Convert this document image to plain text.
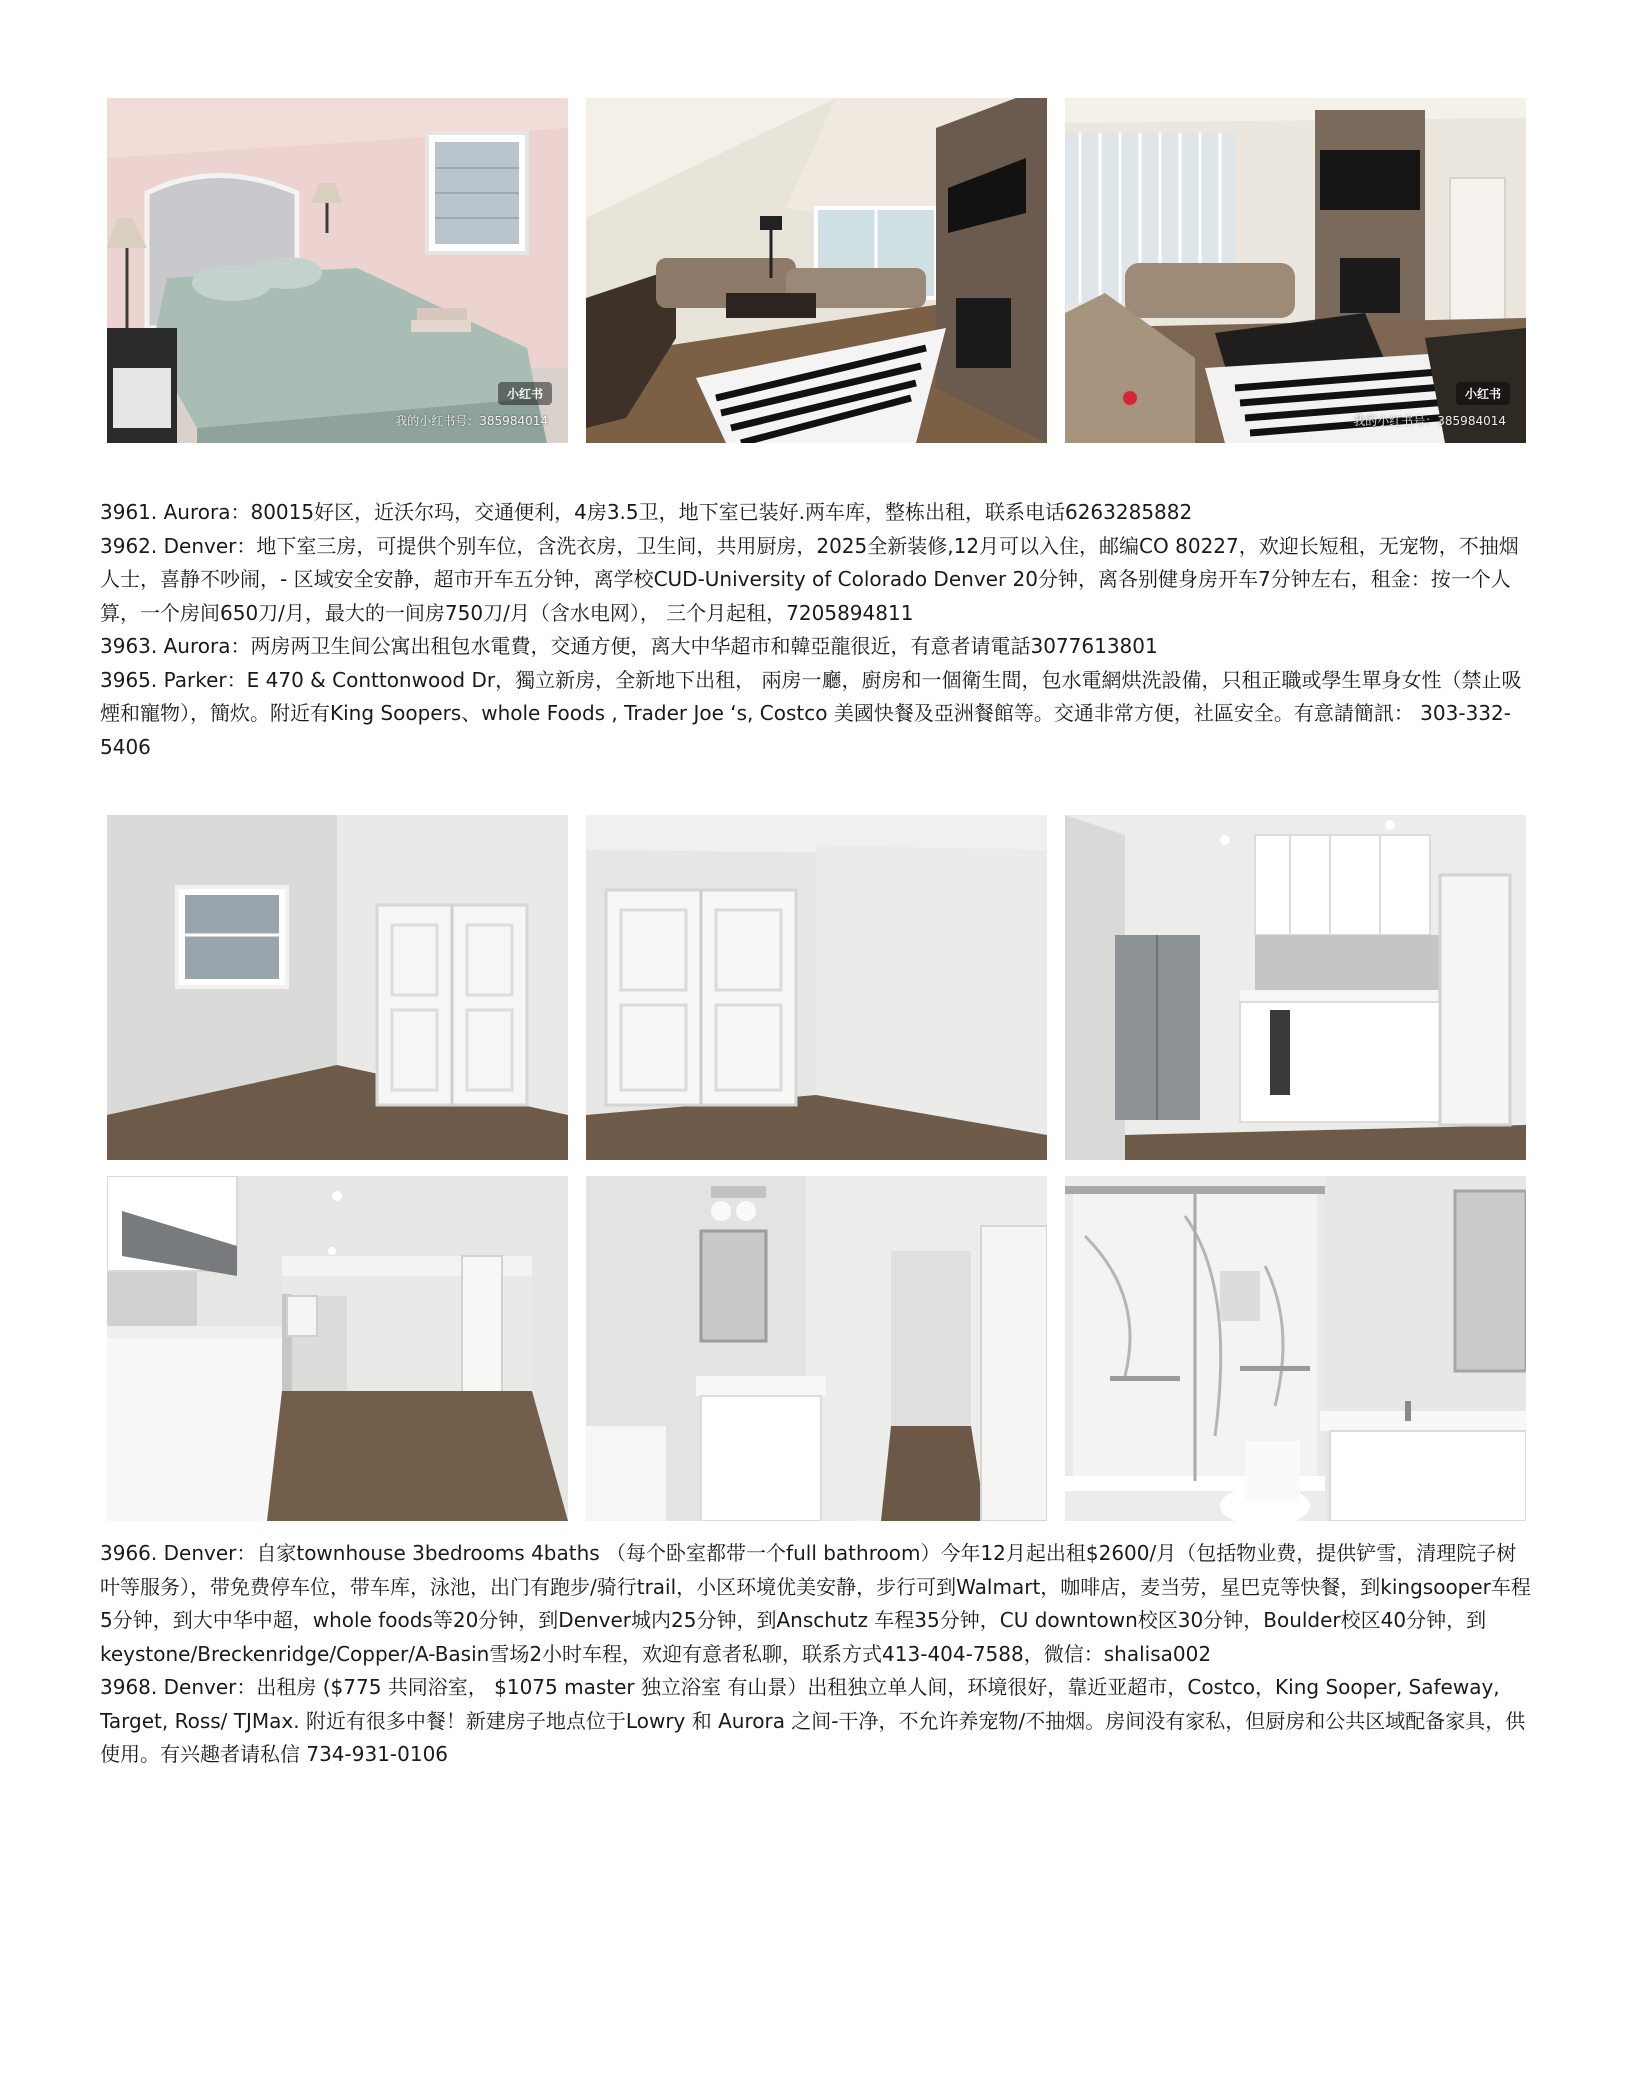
小红书
我的小红书号：385984014
小红书
我的小红书号：385984014

3961. Aurora：80015好区，近沃尔玛，交通便利，4房3.5卫，地下室已装好.两车库，整栋出租，联系电话6263285882

3962. Denver：地下室三房，可提供个别车位，含洗衣房，卫生间，共用厨房，2025全新装修,12月可以入住，邮编CO 80227，欢迎长短租，无宠物，不抽烟人士，喜静不吵闹，- 区域安全安静，超市开车五分钟，离学校CUD-University of Colorado Denver 20分钟，离各别健身房开车7分钟左右，租金：按一个人算，一个房间650刀/月，最大的一间房750刀/月（含水电网）， 三个月起租，7205894811

3963. Aurora：两房两卫生间公寓出租包水電費，交通方便，离大中华超市和韓亞龍很近，有意者请電話3077613801

3965. Parker：E 470 & Conttonwood Dr，獨立新房，全新地下出租， 兩房一廳，廚房和一個衛生間，包水電網烘洗設備，只租正職或學生單身女性（禁止吸煙和寵物），簡炊。附近有King Soopers、whole Foods , Trader Joe ‘s, Costco 美國快餐及亞洲餐館等。交通非常方便，社區安全。有意請簡訊： 303-332-5406

3966. Denver：自家townhouse 3bedrooms 4baths （每个卧室都带一个full bathroom）今年12月起出租$2600/月（包括物业费，提供铲雪，清理院子树叶等服务），带免费停车位，带车库，泳池，出门有跑步/骑行trail，小区环境优美安静，步行可到Walmart，咖啡店，麦当劳，星巴克等快餐，到kingsooper车程5分钟，到大中华中超，whole foods等20分钟，到Denver城内25分钟，到Anschutz 车程35分钟，CU downtown校区30分钟，Boulder校区40分钟，到keystone/Breckenridge/Copper/A-Basin雪场2小时车程，欢迎有意者私聊，联系方式413-404-7588，微信：shalisa002

3968. Denver：出租房 ($775 共同浴室， $1075 master 独立浴室 有山景）出租独立单人间，环境很好，靠近亚超市，Costco，King Sooper, Safeway, Target, Ross/ TJMax. 附近有很多中餐！新建房子地点位于Lowry 和 Aurora 之间-干净，不允许养宠物/不抽烟。房间没有家私，但厨房和公共区域配备家具，供使用。有兴趣者请私信 734-931-0106
